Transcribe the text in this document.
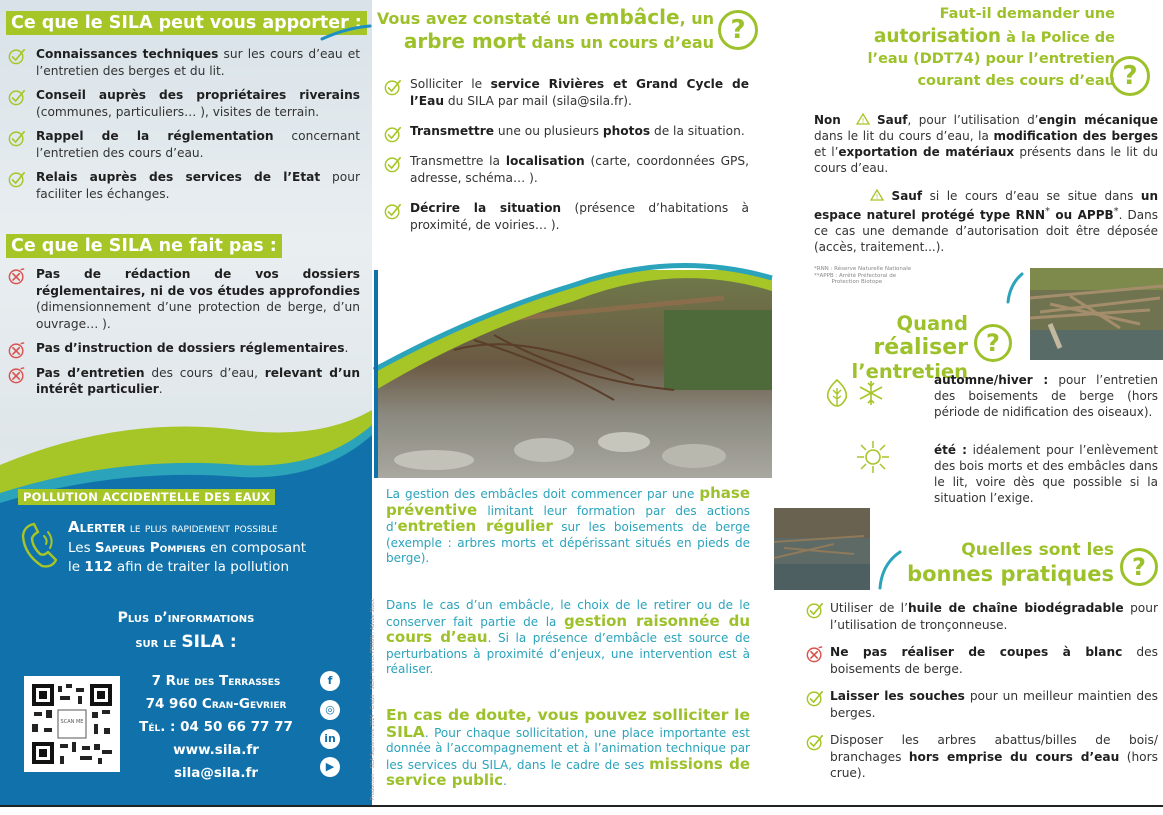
Ce que le SILA peut vous apporter :
Connaissances techniques sur les cours d’eau et l’entretien des berges et du lit.
Conseil auprès des propriétaires riverains (communes, particuliers… ), visites de terrain.
Rappel de la réglementation concernant l’entretien des cours d’eau.
Relais auprès des services de l’Etat pour faciliter les échanges.
Ce que le SILA ne fait pas :
Pas de rédaction de vos dossiers réglementaires, ni de vos études approfondies (dimensionnement d’une protection de berge, d’un ouvrage… ).
Pas d’instruction de dossiers réglementaires.
Pas d’entretien des cours d’eau, relevant d’un intérêt particulier.
POLLUTION ACCIDENTELLE DES EAUX
Alerter le plus rapidement possible
Les Sapeurs Pompiers en composant
le 112 afin de traiter la pollution
Plus d’informations
sur le SILA :
SCAN ME
7 Rue des Terrasses
74 960 Cran-Gevrier
Tél. : 04 50 66 77 77
www.sila.fr
sila@sila.fr
f
◎
in
▶
Vous avez constaté un embâcle, un
arbre mort dans un cours d’eau ?
Solliciter le service Rivières et Grand Cycle de l’Eau du SILA par mail (sila@sila.fr).
Transmettre une ou plusieurs photos de la situation.
Transmettre la localisation (carte, coordonnées GPS, adresse, schéma… ).
Décrire la situation (présence d’habitations à proximité, de voiries… ).
La gestion des embâcles doit commencer par une phase préventive limitant leur formation par des actions d’entretien régulier sur les boisements de berge (exemple : arbres morts et dépérissant situés en pieds de berge).
Dans le cas d’un embâcle, le choix de le retirer ou de le conserver fait partie de la gestion raisonnée du cours d’eau. Si la présence d’embâcle est source de perturbations à proximité d’enjeux, une intervention est à réaliser.
En cas de doute, vous pouvez solliciter le SILA. Pour chaque sollicitation, une place importante est donnée à l’accompagnement et à l’animation technique par les services du SILA, dans le cadre de ses missions de service public.
Production : SILA Septembre 2024 · Crédit : SILA / Yannick PERRIN / Adobe Stock
Faut-il demander une
autorisation à la Police de
l’eau (DDT74) pour l’entretien
courant des cours d’eau ?
Non	! Sauf, pour l’utilisation d’engin mécanique dans le lit du cours d’eau, la modification des berges et l’exportation de matériaux présents dans le lit du cours d’eau.
! Sauf si le cours d’eau se situe dans un espace naturel protégé type RNN* ou APPB*. Dans ce cas une demande d’autorisation doit être déposée (accès, traitement...).
*RNN : Réserve Naturelle Nationale
**APPB : Arrêté Préfectoral de
Protection Biotope
Quand réaliser
l’entretien
?
automne/hiver : pour l’entretien des boisements de berge (hors période de nidification des oiseaux).
été : idéalement pour l’enlèvement des bois morts et des embâcles dans le lit, voire dès que possible si la situation l’exige.
Quelles sont les
bonnes pratiques ?
Utiliser de l’huile de chaîne biodégradable pour l’utilisation de tronçonneuse.
Ne pas réaliser de coupes à blanc des boisements de berge.
Laisser les souches pour un meilleur maintien des berges.
Disposer les arbres abattus/billes de bois/ branchages hors emprise du cours d’eau (hors crue).
